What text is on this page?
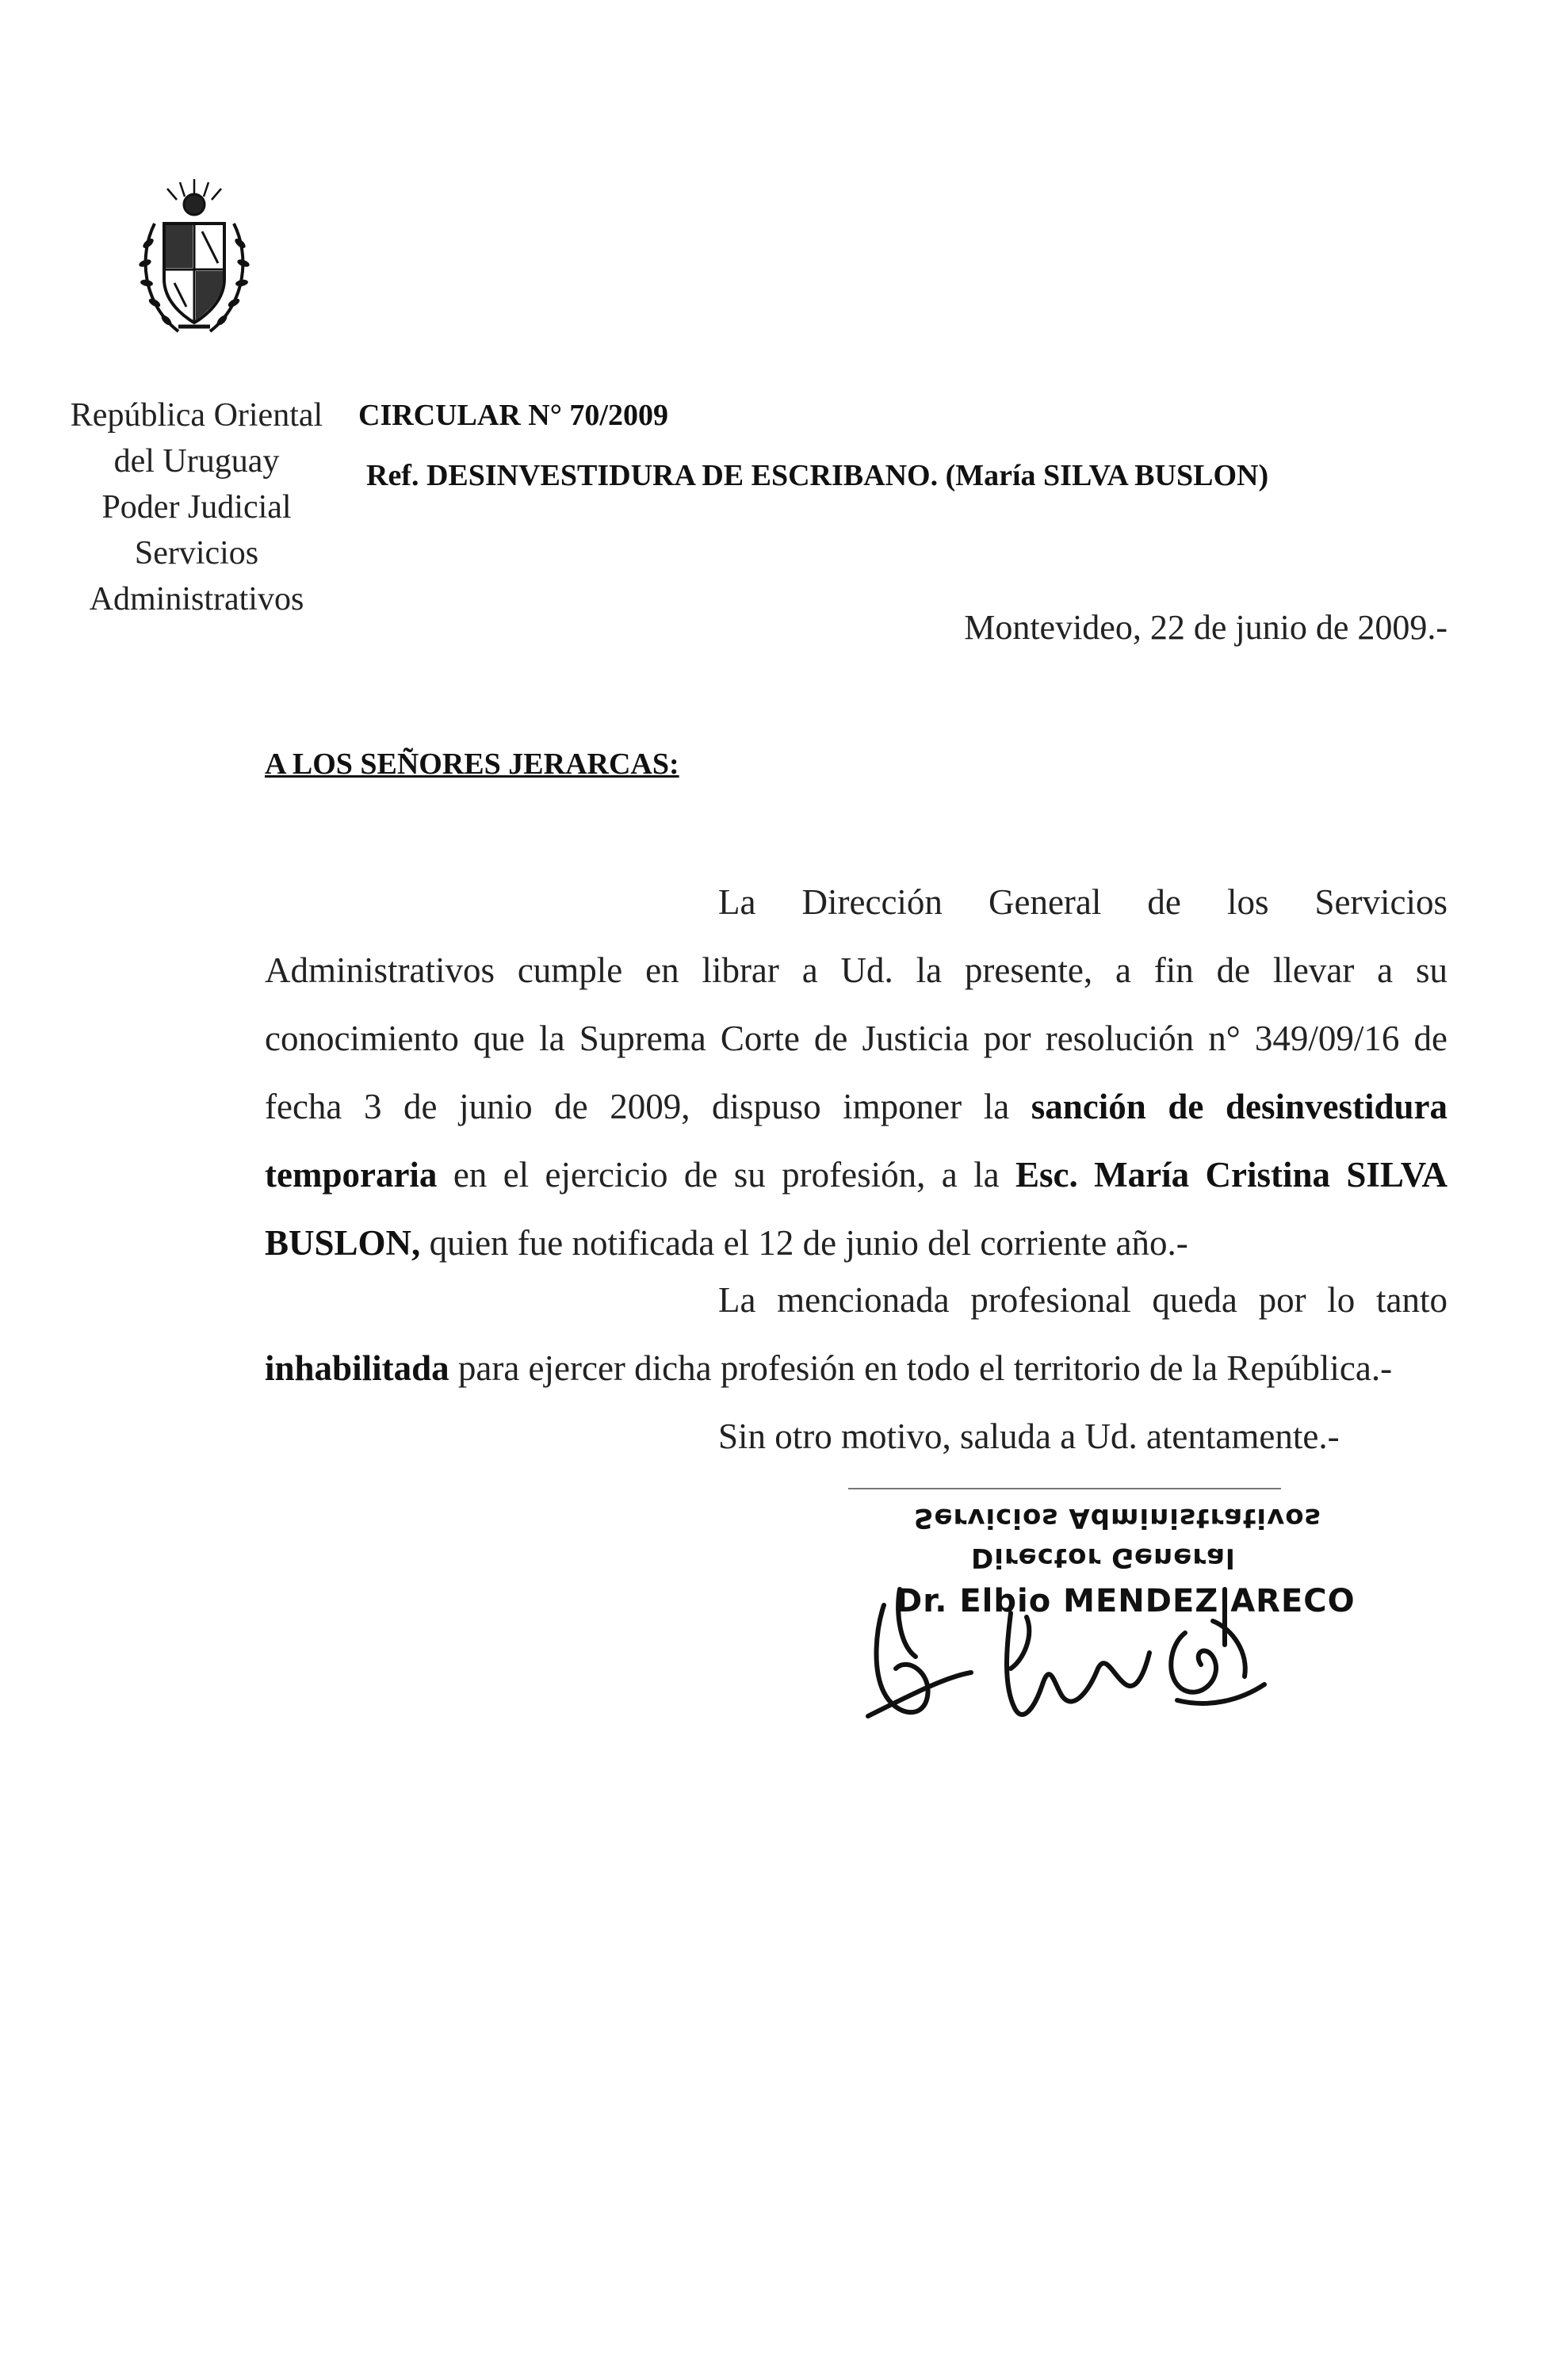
República Oriental
del Uruguay
Poder Judicial
Servicios
Administrativos
CIRCULAR N° 70/2009
Ref. DESINVESTIDURA DE ESCRIBANO. (María SILVA BUSLON)
Montevideo, 22 de junio de 2009.-
A LOS SEÑORES JERARCAS:
La Dirección General de los Servicios Administrativos cumple en librar a Ud. la presente, a fin de llevar a su conocimiento que la Suprema Corte de Justicia por resolución n° 349/09/16 de fecha 3 de junio de 2009, dispuso imponer la sanción de desinvestidura temporaria en el ejercicio de su profesión, a la Esc. María Cristina SILVA BUSLON, quien fue notificada el 12 de junio del corriente año.-
La mencionada profesional queda por lo tanto inhabilitada para ejercer dicha profesión en todo el territorio de la República.-
Sin otro motivo, saluda a Ud. atentamente.-
Servicios Administrativos
Director General
Dr. Elbio MENDEZ ARECO
